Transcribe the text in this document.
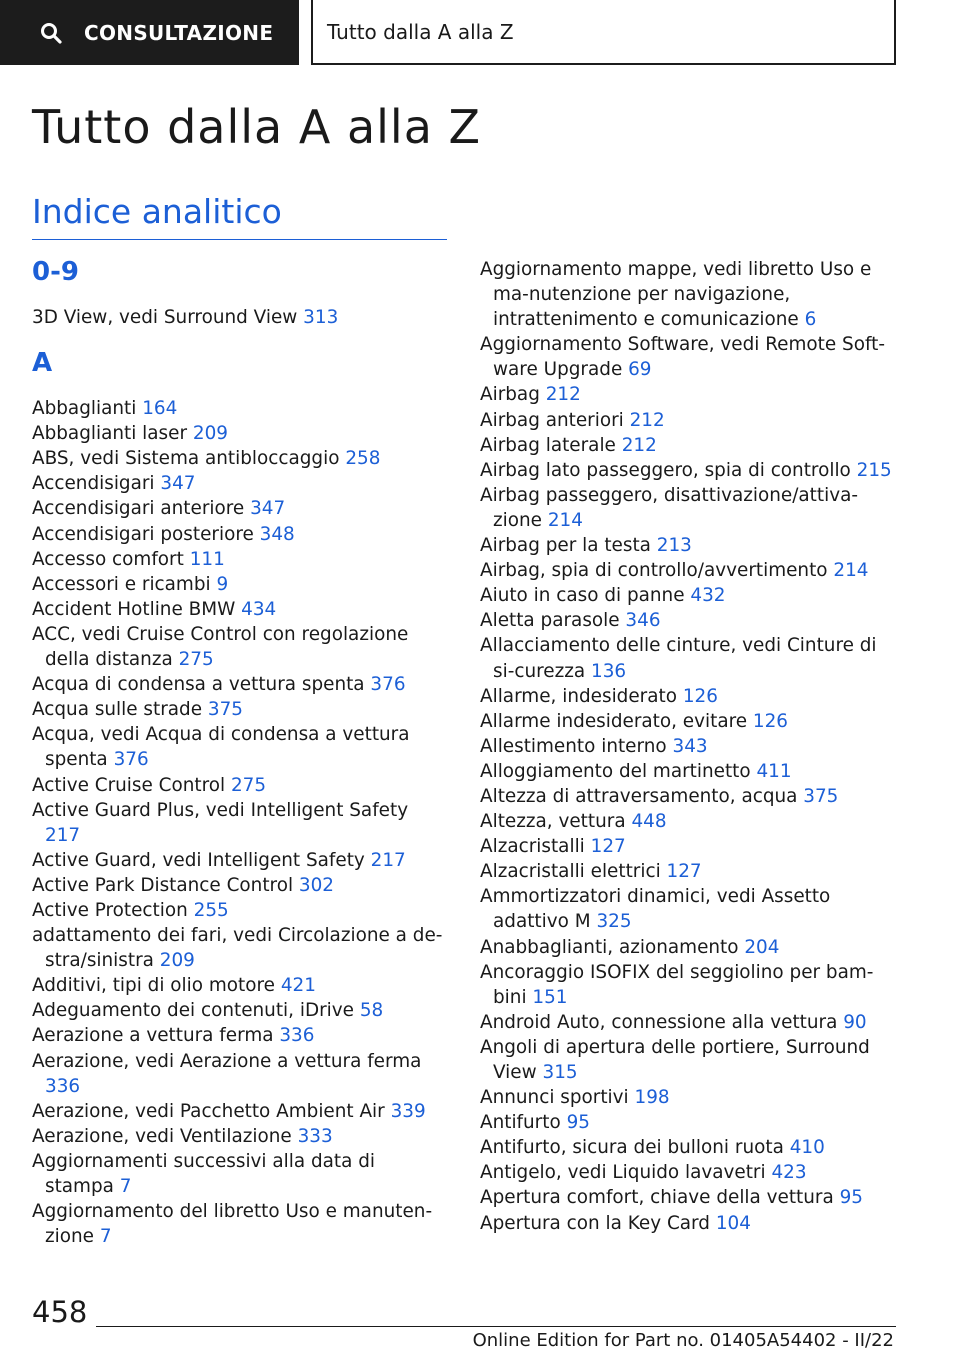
CONSULTAZIONE	Tutto dalla A alla Z
Tutto dalla A alla Z
Indice analitico
0-9
3D View, vedi Surround View 313
A
Abbaglianti 164
Abbaglianti laser 209
ABS, vedi Sistema antibloccaggio 258
Accendisigari 347
Accendisigari anteriore 347
Accendisigari posteriore 348
Accesso comfort 111
Accessori e ricambi 9
Accident Hotline BMW 434
ACC, vedi Cruise Control con regolazione della distanza 275
Acqua di condensa a vettura spenta 376
Acqua sulle strade 375
Acqua, vedi Acqua di condensa a vettura spenta 376
Active Cruise Control 275
Active Guard Plus, vedi Intelligent Safety 217
Active Guard, vedi Intelligent Safety 217
Active Park Distance Control 302
Active Protection 255
adattamento dei fari, vedi Circolazione a de-stra/sinistra 209
Additivi, tipi di olio motore 421
Adeguamento dei contenuti, iDrive 58
Aerazione a vettura ferma 336
Aerazione, vedi Aerazione a vettura ferma 336
Aerazione, vedi Pacchetto Ambient Air 339
Aerazione, vedi Ventilazione 333
Aggiornamenti successivi alla data di stampa 7
Aggiornamento del libretto Uso e manuten-zione 7
Aggiornamento mappe, vedi libretto Uso e ma-nutenzione per navigazione, intrattenimento e comunicazione 6
Aggiornamento Software, vedi Remote Soft-ware Upgrade 69
Airbag 212
Airbag anteriori 212
Airbag laterale 212
Airbag lato passeggero, spia di controllo 215
Airbag passeggero, disattivazione/attiva-zione 214
Airbag per la testa 213
Airbag, spia di controllo/avvertimento 214
Aiuto in caso di panne 432
Aletta parasole 346
Allacciamento delle cinture, vedi Cinture di si-curezza 136
Allarme, indesiderato 126
Allarme indesiderato, evitare 126
Allestimento interno 343
Alloggiamento del martinetto 411
Altezza di attraversamento, acqua 375
Altezza, vettura 448
Alzacristalli 127
Alzacristalli elettrici 127
Ammortizzatori dinamici, vedi Assetto adattivo M 325
Anabbaglianti, azionamento 204
Ancoraggio ISOFIX del seggiolino per bam-bini 151
Android Auto, connessione alla vettura 90
Angoli di apertura delle portiere, Surround View 315
Annunci sportivi 198
Antifurto 95
Antifurto, sicura dei bulloni ruota 410
Antigelo, vedi Liquido lavavetri 423
Apertura comfort, chiave della vettura 95
Apertura con la Key Card 104
458
Online Edition for Part no. 01405A54402 - II/22
